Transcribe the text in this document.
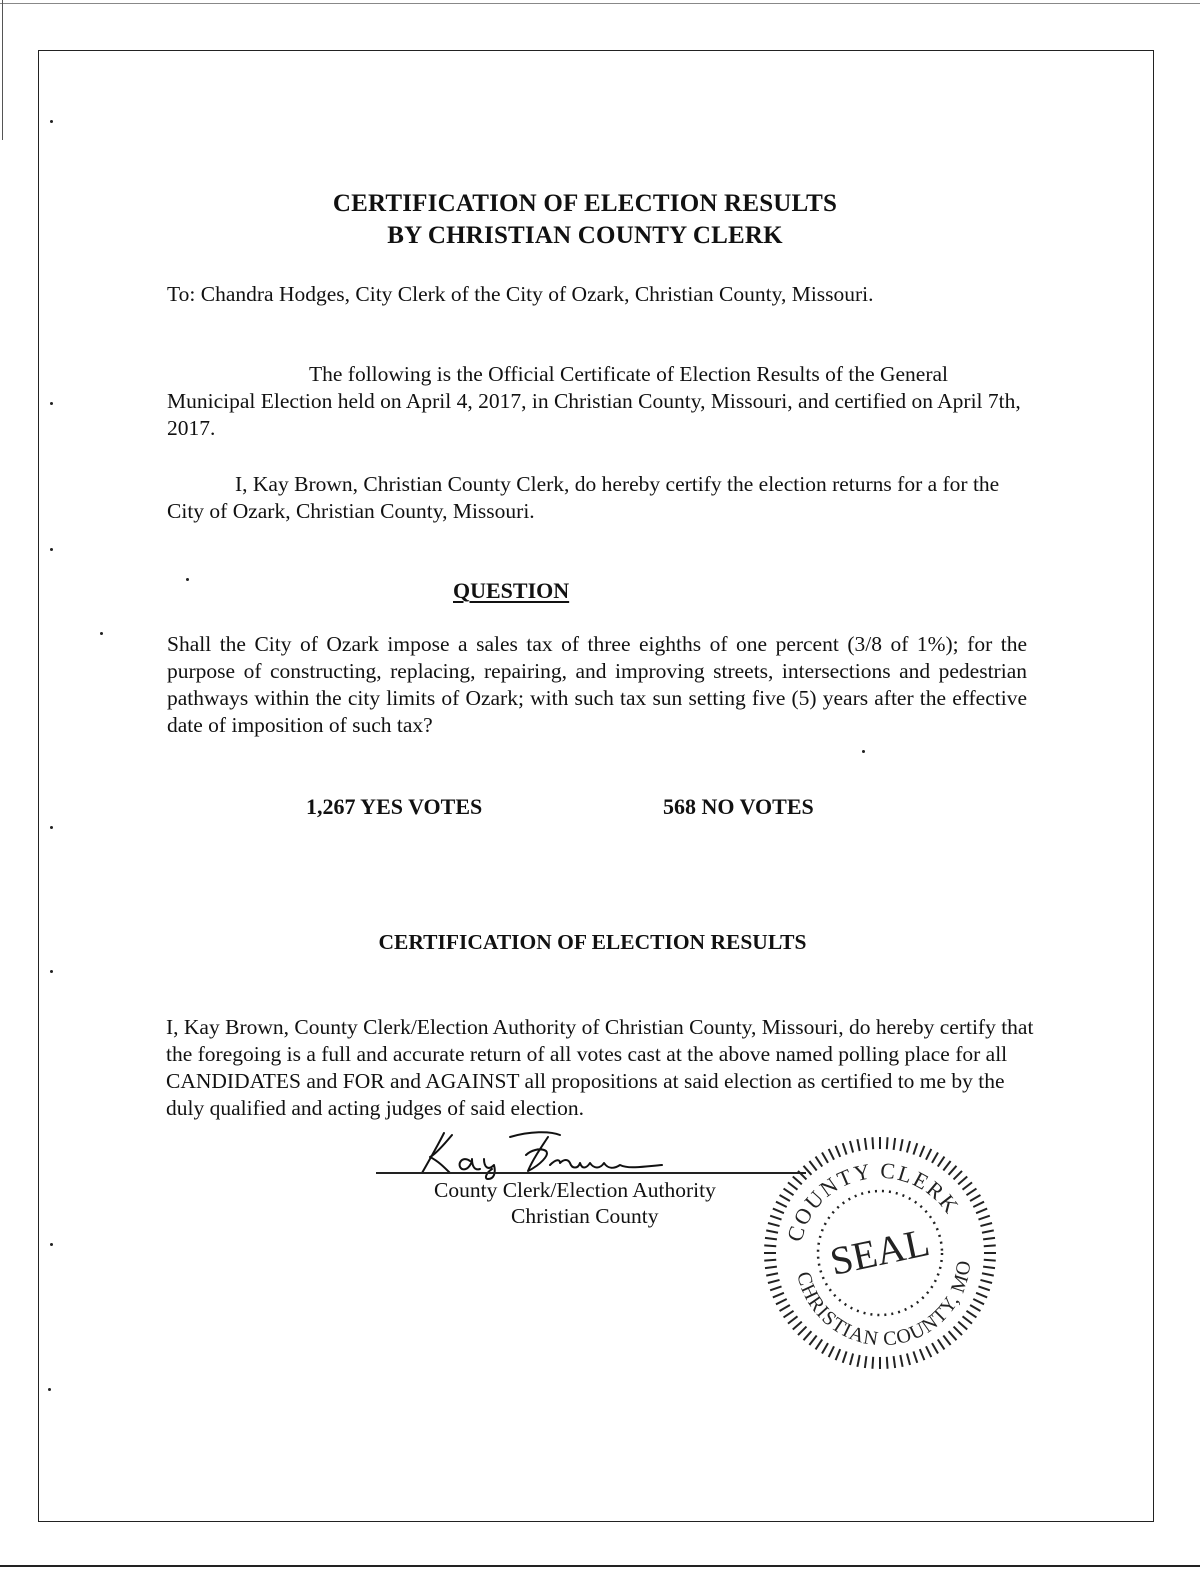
CERTIFICATION OF ELECTION RESULTS
BY CHRISTIAN COUNTY CLERK
To: Chandra Hodges, City Clerk of the City of Ozark, Christian County, Missouri.
The following is the Official Certificate of Election Results of the General Municipal Election held on April 4, 2017, in Christian County, Missouri, and certified on April 7th, 2017.
I, Kay Brown, Christian County Clerk, do hereby certify the election returns for a for the City of Ozark, Christian County, Missouri.
QUESTION
Shall the City of Ozark impose a sales tax of three eighths of one percent (3/8 of 1%); for the purpose of constructing, replacing, repairing, and improving streets, intersections and pedestrian pathways within the city limits of Ozark; with such tax sun setting five (5) years after the effective date of imposition of such tax?
1,267 YES VOTES	568 NO VOTES
CERTIFICATION OF ELECTION RESULTS
I, Kay Brown, County Clerk/Election Authority of Christian County, Missouri, do hereby certify that the foregoing is a full and accurate return of all votes cast at the above named polling place for all CANDIDATES and FOR and AGAINST all propositions at said election as certified to me by the duly qualified and acting judges of said election.
County Clerk/Election Authority
Christian County
COUNTY CLERK
CHRISTIAN COUNTY, MO
SEAL
